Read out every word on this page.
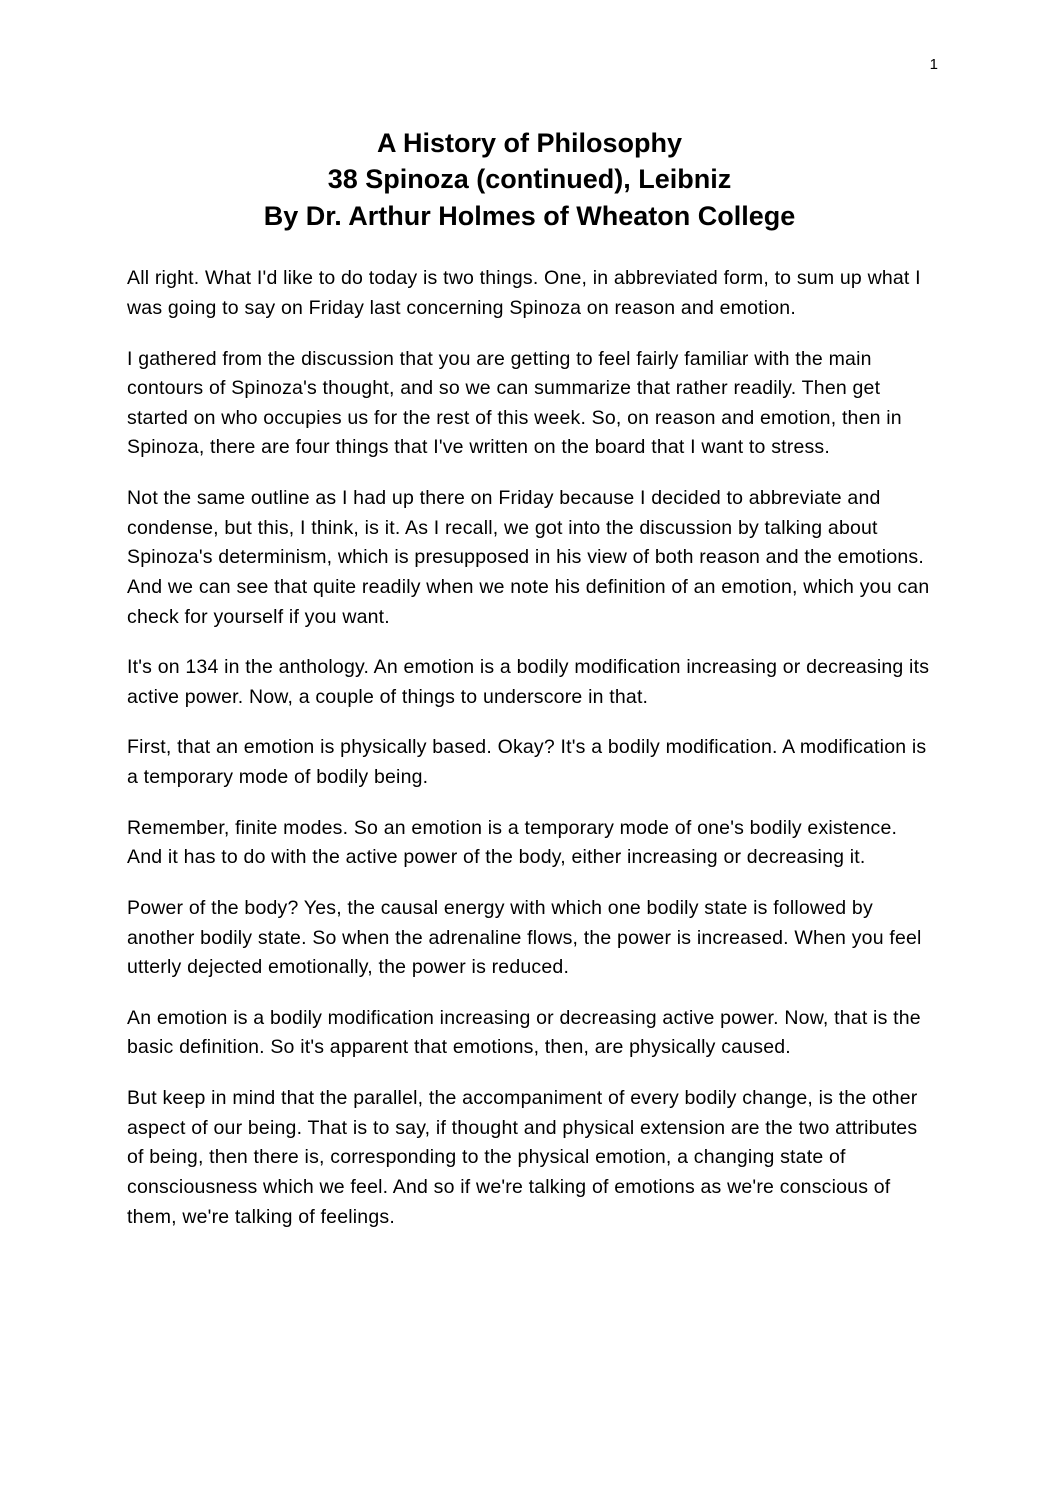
1
A History of Philosophy
38 Spinoza (continued), Leibniz
By Dr. Arthur Holmes of Wheaton College

All right. What I'd like to do today is two things. One, in abbreviated form, to sum up what I was going to say on Friday last concerning Spinoza on reason and emotion.

I gathered from the discussion that you are getting to feel fairly familiar with the main contours of Spinoza's thought, and so we can summarize that rather readily. Then get started on who occupies us for the rest of this week. So, on reason and emotion, then in Spinoza, there are four things that I've written on the board that I want to stress.

Not the same outline as I had up there on Friday because I decided to abbreviate and condense, but this, I think, is it. As I recall, we got into the discussion by talking about Spinoza's determinism, which is presupposed in his view of both reason and the emotions. And we can see that quite readily when we note his definition of an emotion, which you can check for yourself if you want.

It's on 134 in the anthology. An emotion is a bodily modification increasing or decreasing its active power. Now, a couple of things to underscore in that.

First, that an emotion is physically based. Okay? It's a bodily modification. A modification is a temporary mode of bodily being.

Remember, finite modes. So an emotion is a temporary mode of one's bodily existence. And it has to do with the active power of the body, either increasing or decreasing it.

Power of the body? Yes, the causal energy with which one bodily state is followed by another bodily state. So when the adrenaline flows, the power is increased. When you feel utterly dejected emotionally, the power is reduced.

An emotion is a bodily modification increasing or decreasing active power. Now, that is the basic definition. So it's apparent that emotions, then, are physically caused.

But keep in mind that the parallel, the accompaniment of every bodily change, is the other aspect of our being. That is to say, if thought and physical extension are the two attributes of being, then there is, corresponding to the physical emotion, a changing state of consciousness which we feel. And so if we're talking of emotions as we're conscious of them, we're talking of feelings.
